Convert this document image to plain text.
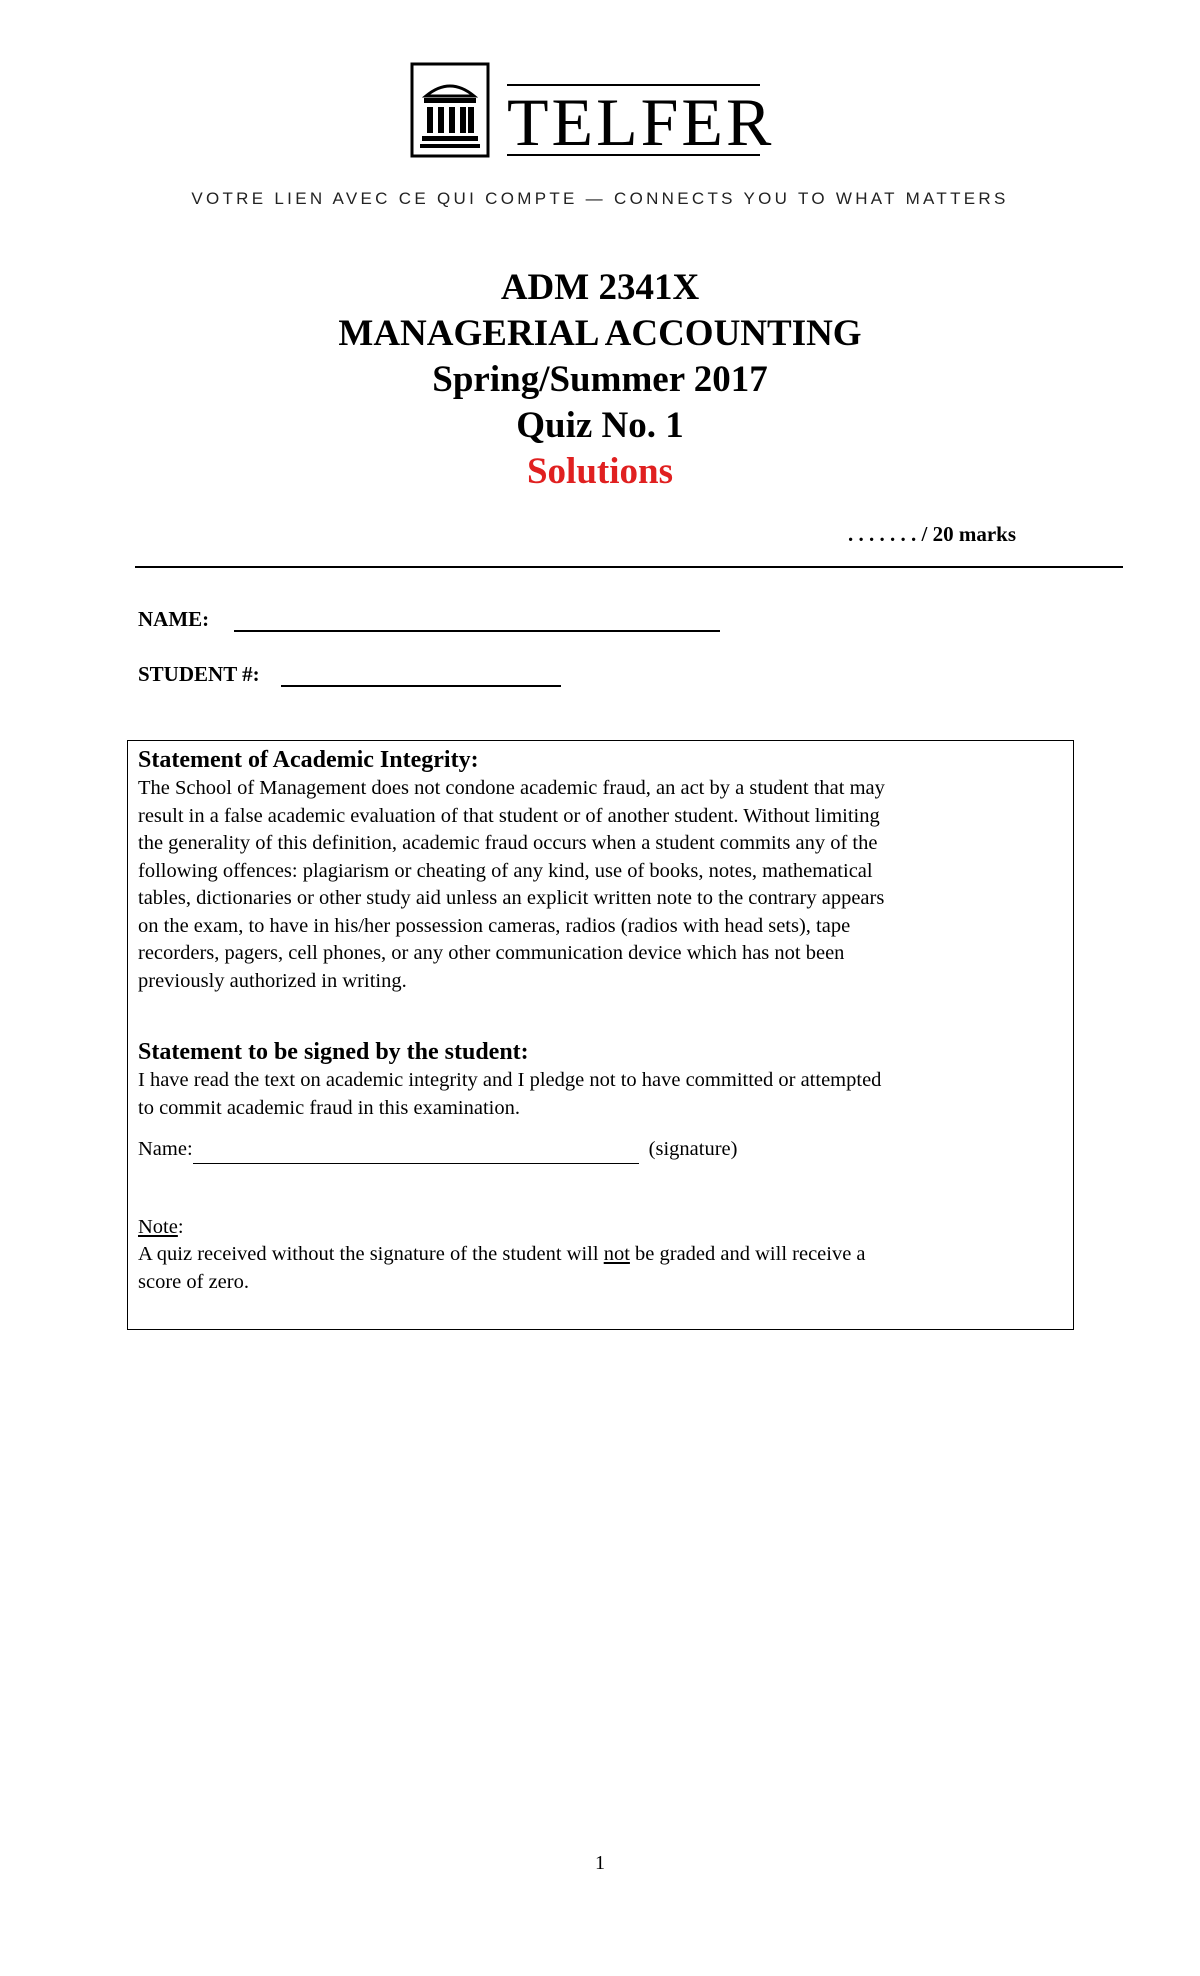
TELFER
VOTRE LIEN AVEC CE QUI COMPTE — CONNECTS YOU TO WHAT MATTERS
ADM 2341X
MANAGERIAL ACCOUNTING
Spring/Summer 2017
Quiz No. 1
Solutions
. . . . . . . / 20 marks
NAME:
STUDENT #:
Statement of Academic Integrity:
The School of Management does not condone academic fraud, an act by a student that may
result in a false academic evaluation of that student or of another student. Without limiting
the generality of this definition, academic fraud occurs when a student commits any of the
following offences: plagiarism or cheating of any kind, use of books, notes, mathematical
tables, dictionaries or other study aid unless an explicit written note to the contrary appears
on the exam, to have in his/her possession cameras, radios (radios with head sets), tape
recorders, pagers, cell phones, or any other communication device which has not been
previously authorized in writing.
Statement to be signed by the student:
I have read the text on academic integrity and I pledge not to have committed or attempted
to commit academic fraud in this examination.
Name:	(signature)
Note:
A quiz received without the signature of the student will not be graded and will receive a
score of zero.
1
